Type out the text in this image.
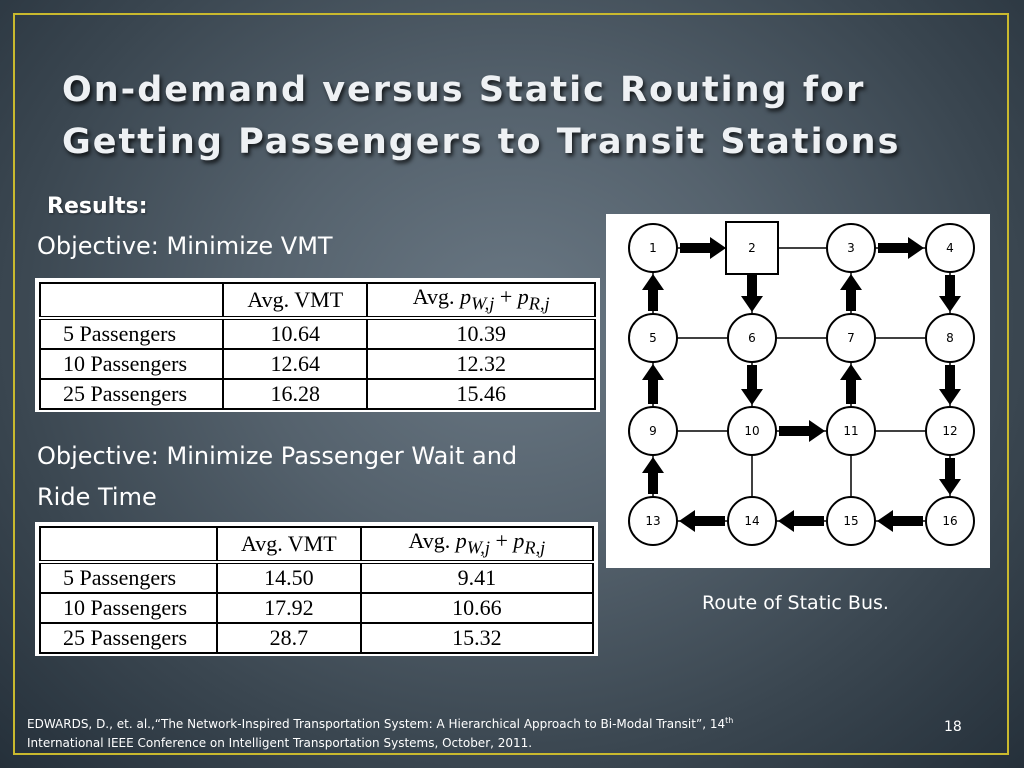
On-demand versus Static Routing for Getting Passengers to Transit Stations
Results:
Objective: Minimize VMT
	Avg. VMT	Avg. $p_{W,j} + p_{R,j}$
5 Passengers	10.64	10.39
10 Passengers	12.64	12.32
25 Passengers	16.28	15.46
Objective: Minimize Passenger Wait and Ride Time
	Avg. VMT	Avg. $p_{W,j} + p_{R,j}$
5 Passengers	14.50	9.41
10 Passengers	17.92	10.66
25 Passengers	28.7	15.32
1	2	3	4
5	6	7	8
9	10	11	12
13	14	15	16
Route of Static Bus.
EDWARDS, D., et. al.,“The Network-Inspired Transportation System: A Hierarchical Approach to Bi-Modal Transit”, 14th
International IEEE Conference on Intelligent Transportation Systems, October, 2011.
18
